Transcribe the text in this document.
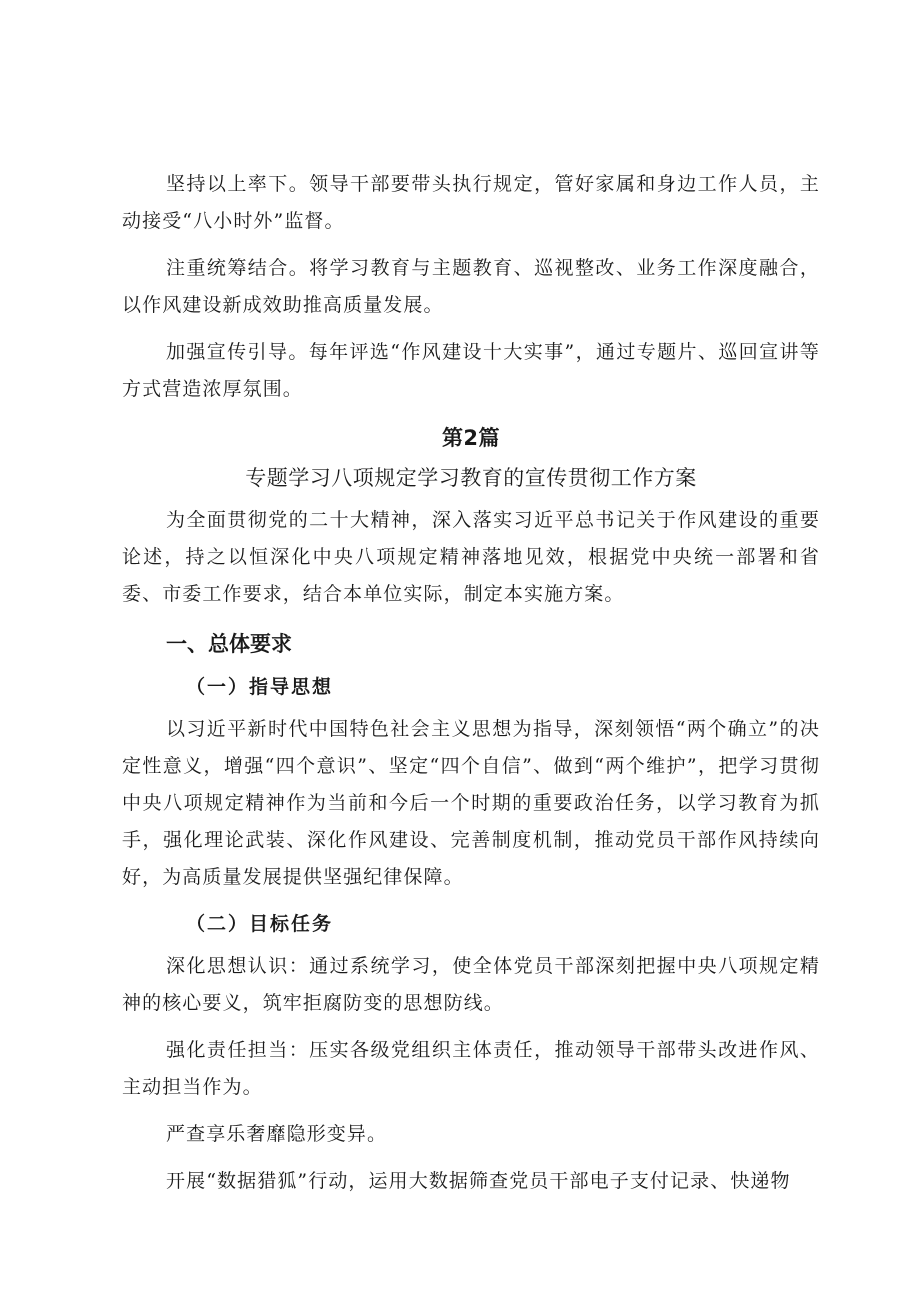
坚持以上率下。领导干部要带头执行规定，管好家属和身边工作人员，主动接受“八小时外”监督。

注重统筹结合。将学习教育与主题教育、巡视整改、业务工作深度融合，以作风建设新成效助推高质量发展。

加强宣传引导。每年评选“作风建设十大实事”，通过专题片、巡回宣讲等方式营造浓厚氛围。

第2篇
专题学习八项规定学习教育的宣传贯彻工作方案

为全面贯彻党的二十大精神，深入落实习近平总书记关于作风建设的重要论述，持之以恒深化中央八项规定精神落地见效，根据党中央统一部署和省委、市委工作要求，结合本单位实际，制定本实施方案。

一、总体要求
（一）指导思想

以习近平新时代中国特色社会主义思想为指导，深刻领悟“两个确立”的决定性意义，增强“四个意识”、坚定“四个自信”、做到“两个维护”，把学习贯彻中央八项规定精神作为当前和今后一个时期的重要政治任务，以学习教育为抓手，强化理论武装、深化作风建设、完善制度机制，推动党员干部作风持续向好，为高质量发展提供坚强纪律保障。

（二）目标任务

深化思想认识：通过系统学习，使全体党员干部深刻把握中央八项规定精神的核心要义，筑牢拒腐防变的思想防线。

强化责任担当：压实各级党组织主体责任，推动领导干部带头改进作风、主动担当作为。

严查享乐奢靡隐形变异。

开展“数据猎狐”行动，运用大数据筛查党员干部电子支付记录、快递物
